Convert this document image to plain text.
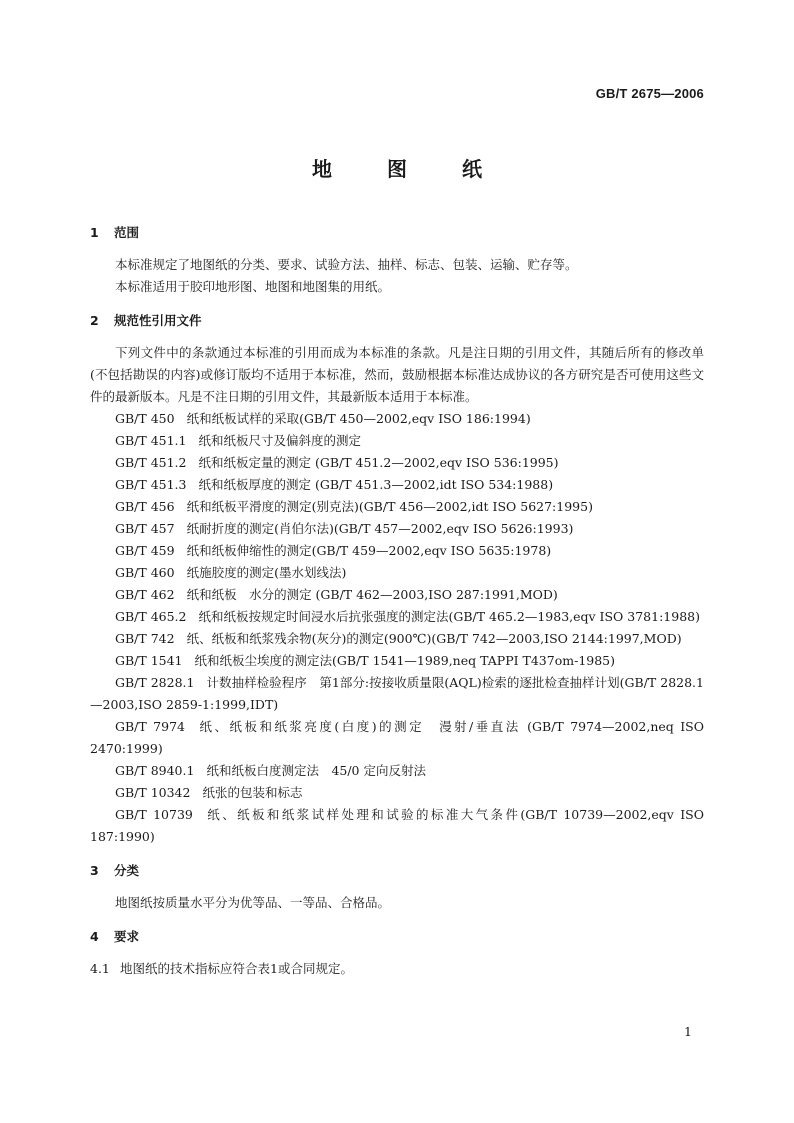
GB/T 2675—2006
地 图 纸
1 范围

本标准规定了地图纸的分类、要求、试验方法、抽样、标志、包装、运输、贮存等。

本标准适用于胶印地形图、地图和地图集的用纸。

2 规范性引用文件

下列文件中的条款通过本标准的引用而成为本标准的条款。凡是注日期的引用文件，其随后所有的修改单(不包括勘误的内容)或修订版均不适用于本标准，然而，鼓励根据本标准达成协议的各方研究是否可使用这些文件的最新版本。凡是不注日期的引用文件，其最新版本适用于本标准。

GB/T 450 纸和纸板试样的采取(GB/T 450—2002,eqv ISO 186:1994)

GB/T 451.1 纸和纸板尺寸及偏斜度的测定

GB/T 451.2 纸和纸板定量的测定 (GB/T 451.2—2002,eqv ISO 536:1995)

GB/T 451.3 纸和纸板厚度的测定 (GB/T 451.3—2002,idt ISO 534:1988)

GB/T 456 纸和纸板平滑度的测定(别克法)(GB/T 456—2002,idt ISO 5627:1995)

GB/T 457 纸耐折度的测定(肖伯尔法)(GB/T 457—2002,eqv ISO 5626:1993)

GB/T 459 纸和纸板伸缩性的测定(GB/T 459—2002,eqv ISO 5635:1978)

GB/T 460 纸施胶度的测定(墨水划线法)

GB/T 462 纸和纸板　水分的测定 (GB/T 462—2003,ISO 287:1991,MOD)

GB/T 465.2 纸和纸板按规定时间浸水后抗张强度的测定法(GB/T 465.2—1983,eqv ISO 3781:1988)

GB/T 742 纸、纸板和纸浆残余物(灰分)的测定(900℃)(GB/T 742—2003,ISO 2144:1997,MOD)

GB/T 1541 纸和纸板尘埃度的测定法(GB/T 1541—1989,neq TAPPI T437om-1985)

GB/T 2828.1 计数抽样检验程序　第1部分:按接收质量限(AQL)检索的逐批检查抽样计划(GB/T 2828.1—2003,ISO 2859-1:1999,IDT)

GB/T 7974 纸、纸板和纸浆亮度(白度)的测定　漫射/垂直法 (GB/T 7974—2002,neq ISO 2470:1999)

GB/T 8940.1 纸和纸板白度测定法　45/0 定向反射法

GB/T 10342 纸张的包装和标志

GB/T 10739 纸、纸板和纸浆试样处理和试验的标准大气条件(GB/T 10739—2002,eqv ISO 187:1990)

3 分类

地图纸按质量水平分为优等品、一等品、合格品。

4 要求

4.1 地图纸的技术指标应符合表1或合同规定。

1
